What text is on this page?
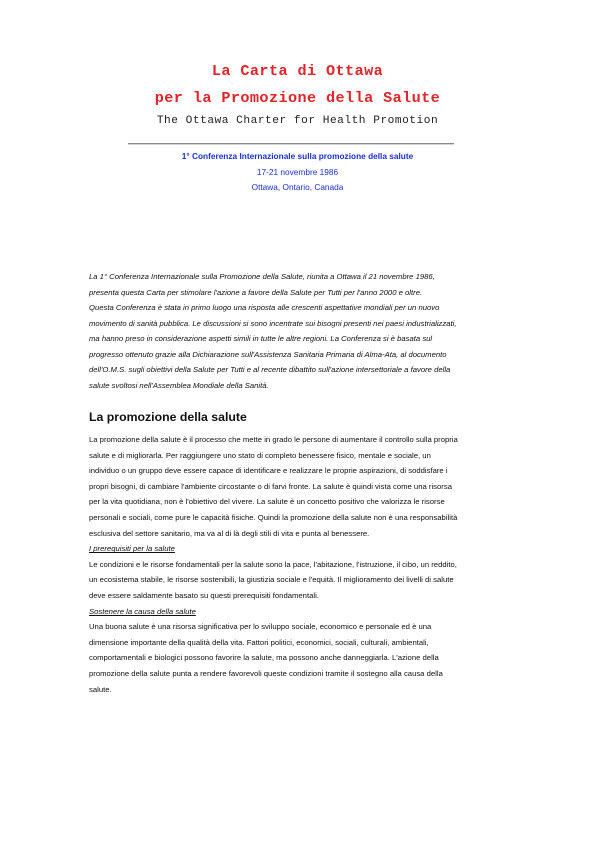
La Carta di Ottawa
per la Promozione della Salute

The Ottawa Charter for Health Promotion

1° Conferenza Internazionale sulla promozione della salute

17-21 novembre 1986

Ottawa, Ontario, Canada

La 1° Conferenza Internazionale sulla Promozione della Salute, riunita a Ottawa il 21 novembre 1986,

presenta questa Carta per stimolare l'azione a favore della Salute per Tutti per l'anno 2000 e oltre.

Questa Conferenza è stata in primo luogo una risposta alle crescenti aspettative mondiali per un nuovo

movimento di sanità pubblica. Le discussioni si sono incentrate sui bisogni presenti nei paesi industrializzati,

ma hanno preso in considerazione aspetti simili in tutte le altre regioni. La Conferenza si è basata sul

progresso ottenuto grazie alla Dichiarazione sull'Assistenza Sanitaria Primaria di Alma-Ata, al documento

dell'O.M.S. sugli obiettivi della Salute per Tutti e al recente dibattito sull'azione intersettoriale a favore della

salute svoltosi nell'Assemblea Mondiale della Sanità.

La promozione della salute

La promozione della salute è il processo che mette in grado le persone di aumentare il controllo sulla propria

salute e di migliorarla. Per raggiungere uno stato di completo benessere fisico, mentale e sociale, un

individuo o un gruppo deve essere capace di identificare e realizzare le proprie aspirazioni, di soddisfare i

propri bisogni, di cambiare l'ambiente circostante o di farvi fronte. La salute è quindi vista come una risorsa

per la vita quotidiana, non è l'obiettivo del vivere. La salute è un concetto positivo che valorizza le risorse

personali e sociali, come pure le capacità fisiche. Quindi la promozione della salute non è una responsabilità

esclusiva del settore sanitario, ma va al di là degli stili di vita e punta al benessere.

I prerequisiti per la salute

Le condizioni e le risorse fondamentali per la salute sono la pace, l'abitazione, l'istruzione, il cibo, un reddito,

un ecosistema stabile, le risorse sostenibili, la giustizia sociale e l'equità. Il miglioramento dei livelli di salute

deve essere saldamente basato su questi prerequisiti fondamentali.

Sostenere la causa della salute

Una buona salute è una risorsa significativa per lo sviluppo sociale, economico e personale ed è una

dimensione importante della qualità della vita. Fattori politici, economici, sociali, culturali, ambientali,

comportamentali e biologici possono favorire la salute, ma possono anche danneggiarla. L'azione della

promozione della salute punta a rendere favorevoli queste condizioni tramite il sostegno alla causa della

salute.
